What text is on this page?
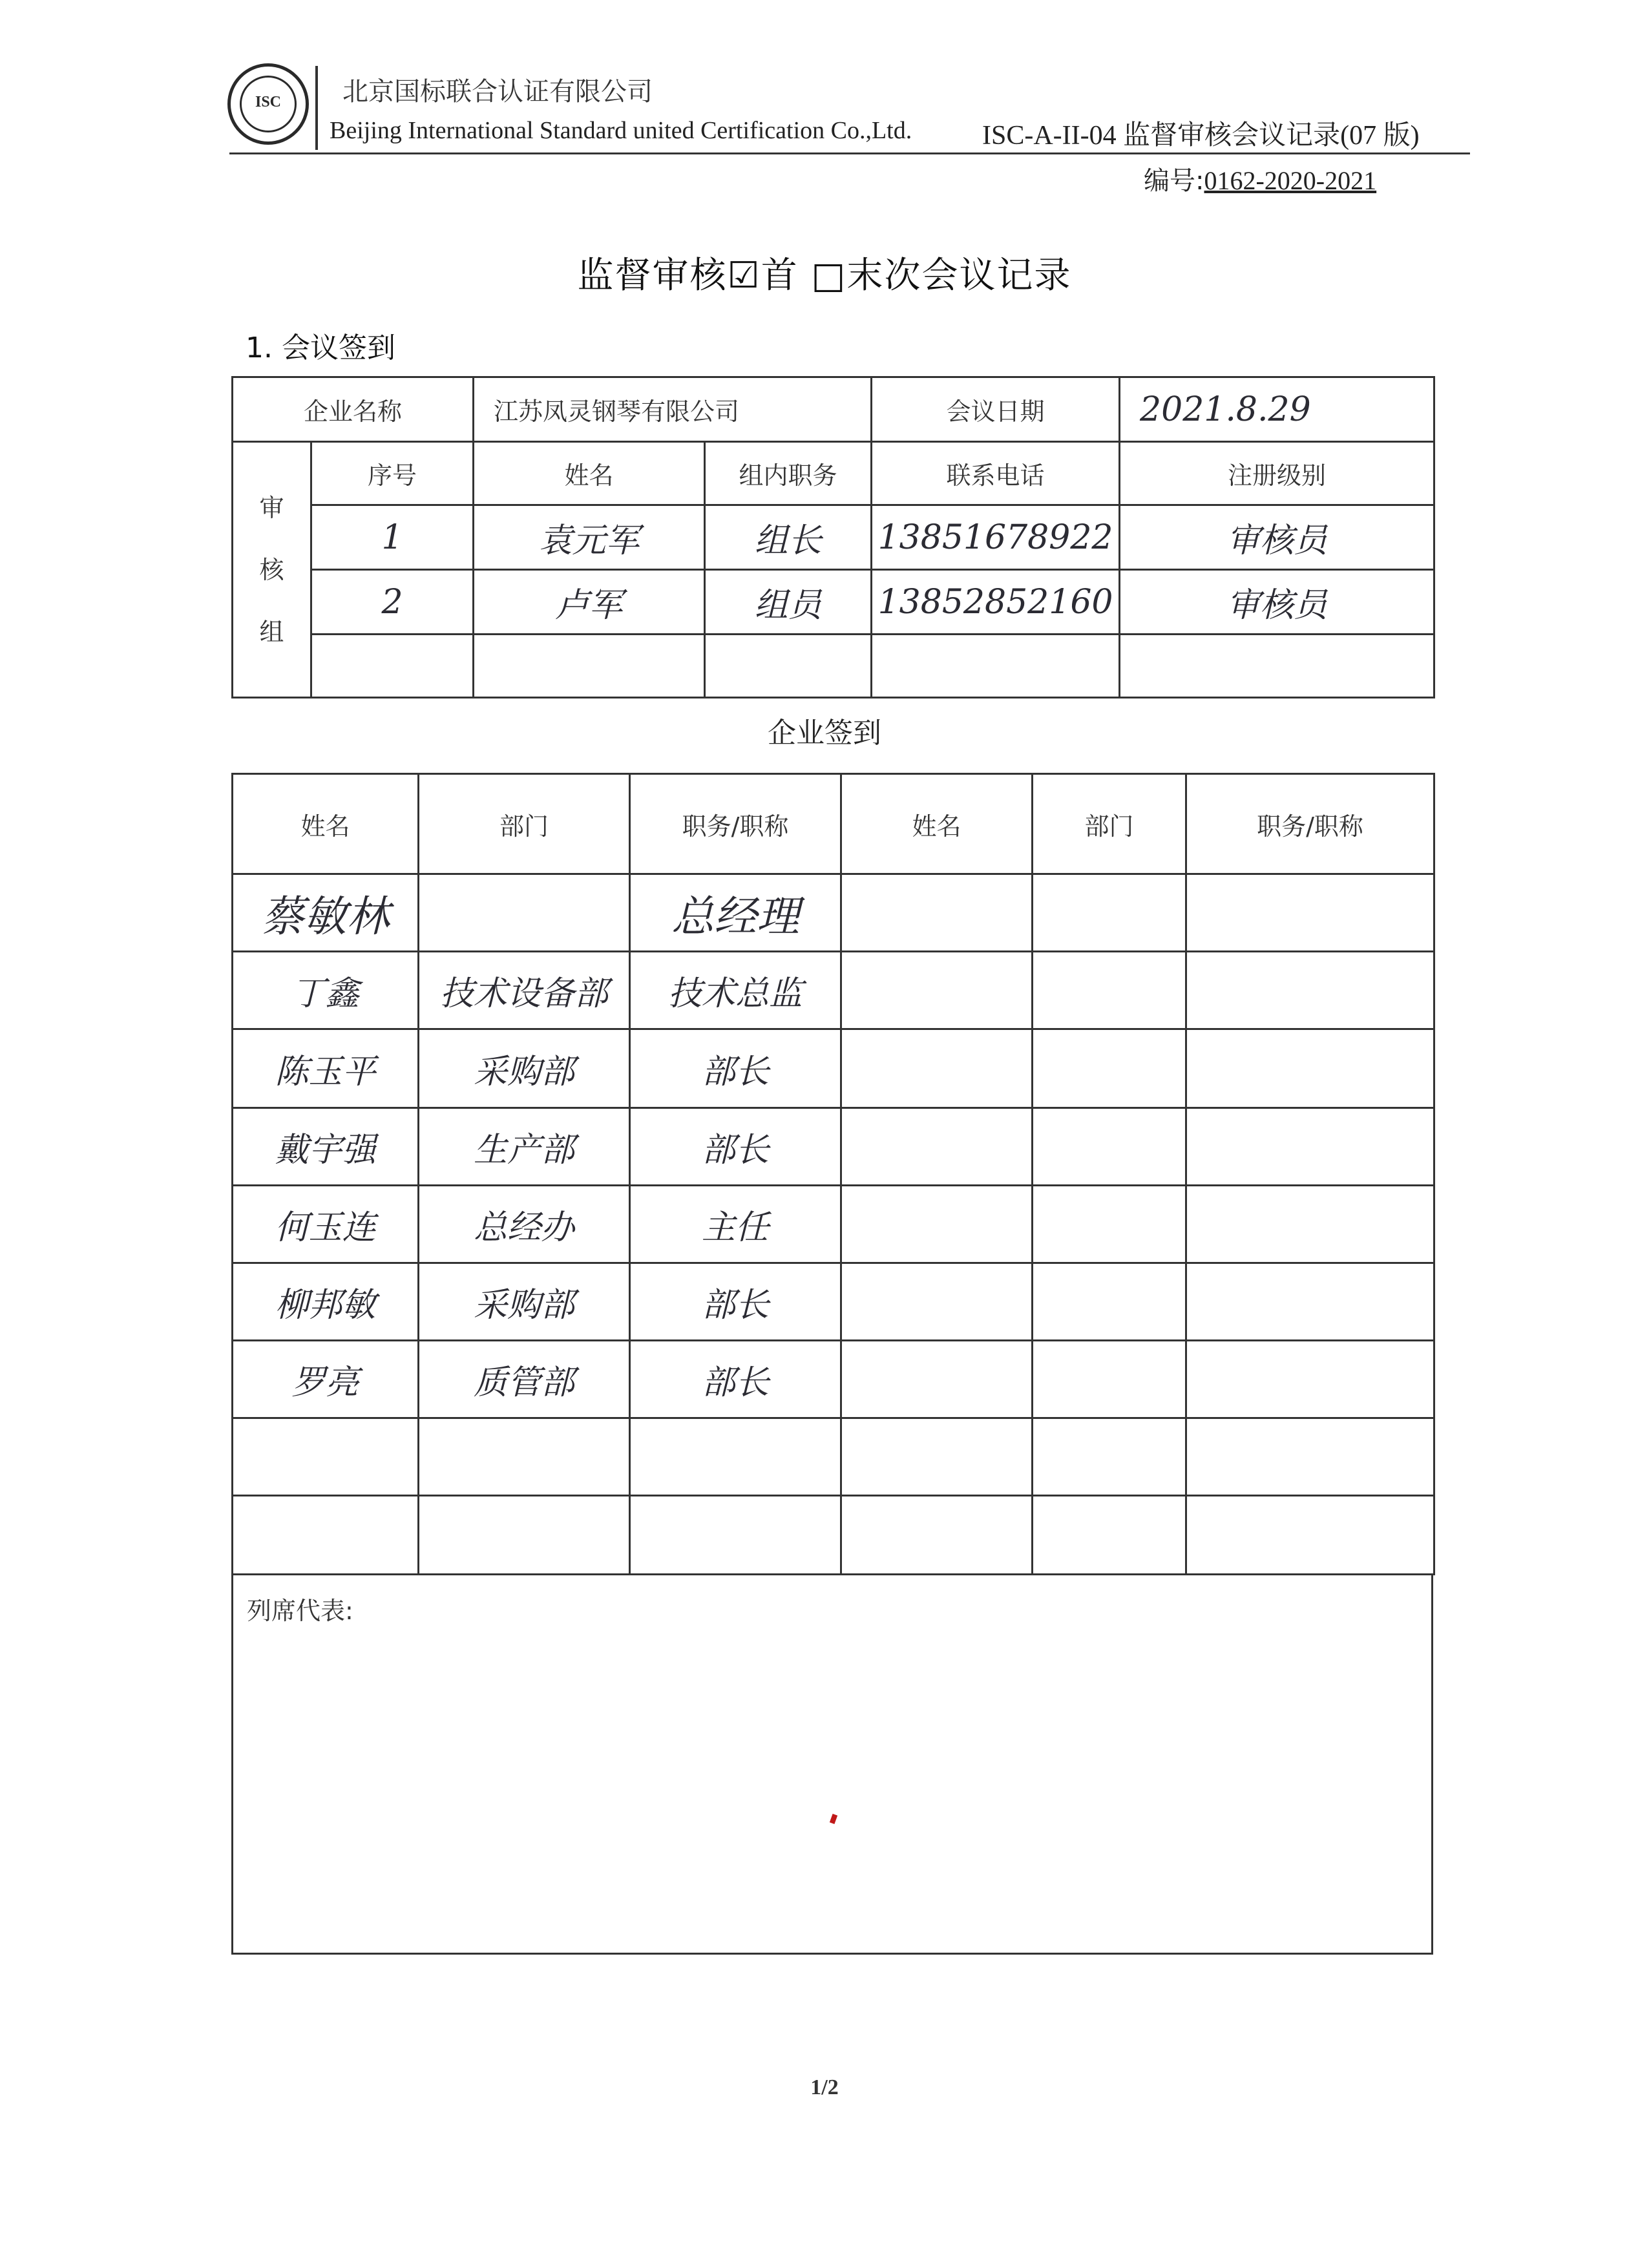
ISC	北京国标联合认证有限公司
Beijing International Standard united Certification Co.,Ltd.	ISC-A-II-04 监督审核会议记录(07 版)
编号:0162-2020-2021
监督审核☑首 □末次会议记录
1. 会议签到
企业名称		江苏凤灵钢琴有限公司		会议日期	2021.8.29

审
核
组	序号	姓名	组内职务	联系电话	注册级别
	1	袁元军	组长	13851678922	审核员
	2	卢军	组员	13852852160	审核员

企业签到
姓名	部门	职务/职称	姓名	部门	职务/职称
蔡敏林		总经理			
丁鑫	技术设备部	技术总监			
陈玉平	采购部	部长			
戴宇强	生产部	部长			
何玉连	总经办	主任			
柳邦敏	采购部	部长			
罗亮	质管部	部长			

列席代表:
1/2
